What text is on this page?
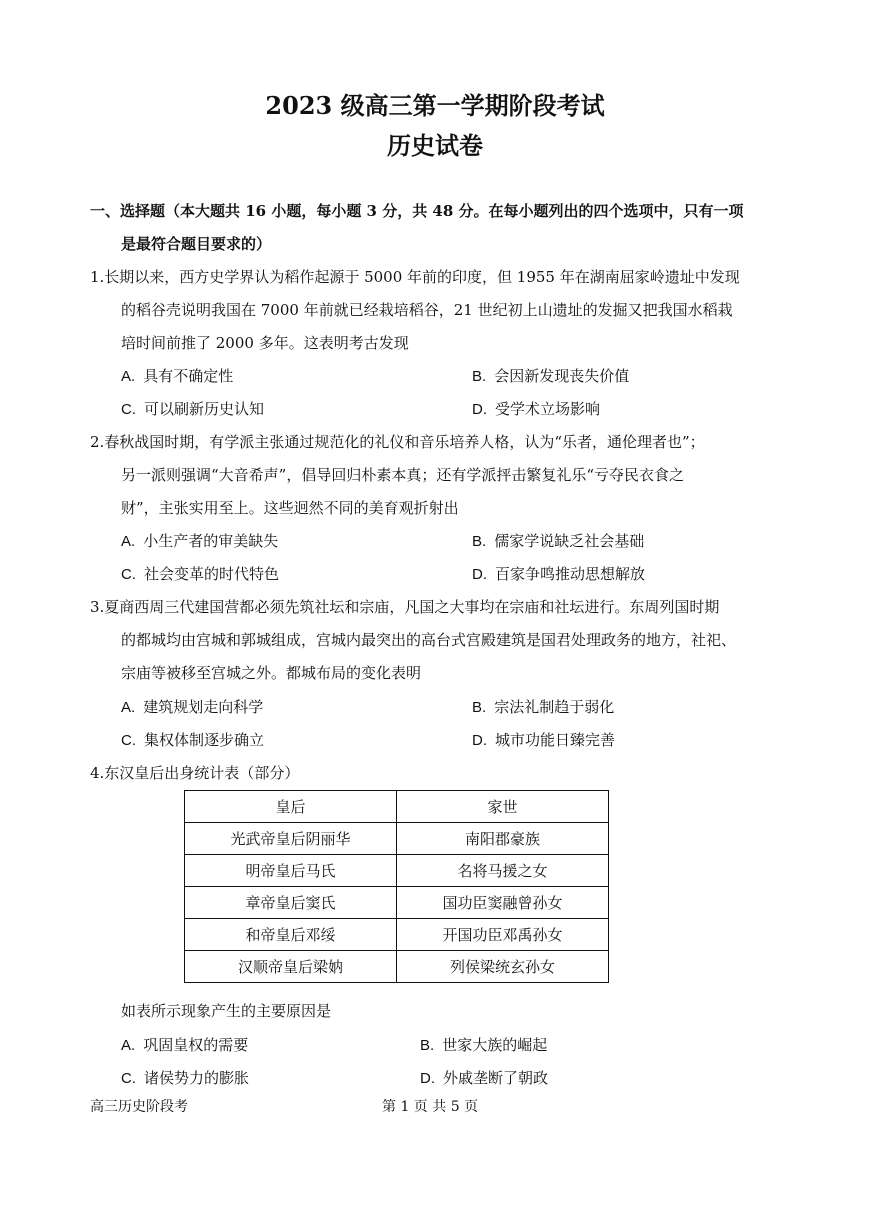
2023 级高三第一学期阶段考试
历史试卷
一、选择题（本大题共 16 小题，每小题 3 分，共 48 分。在每小题列出的四个选项中，只有一项
是最符合题目要求的）
1.长期以来，西方史学界认为稻作起源于 5000 年前的印度，但 1955 年在湖南屈家岭遗址中发现
的稻谷壳说明我国在 7000 年前就已经栽培稻谷，21 世纪初上山遗址的发掘又把我国水稻栽
培时间前推了 2000 多年。这表明考古发现
A. 具有不确定性	B. 会因新发现丧失价值
C. 可以刷新历史认知	D. 受学术立场影响
2.春秋战国时期，有学派主张通过规范化的礼仪和音乐培养人格，认为“乐者，通伦理者也”；
另一派则强调“大音希声”，倡导回归朴素本真；还有学派抨击繁复礼乐“亏夺民衣食之
财”，主张实用至上。这些迥然不同的美育观折射出
A. 小生产者的审美缺失	B. 儒家学说缺乏社会基础
C. 社会变革的时代特色	D. 百家争鸣推动思想解放
3.夏商西周三代建国营都必须先筑社坛和宗庙，凡国之大事均在宗庙和社坛进行。东周列国时期
的都城均由宫城和郭城组成，宫城内最突出的高台式宫殿建筑是国君处理政务的地方，社祀、
宗庙等被移至宫城之外。都城布局的变化表明
A. 建筑规划走向科学	B. 宗法礼制趋于弱化
C. 集权体制逐步确立	D. 城市功能日臻完善
4.东汉皇后出身统计表（部分）
皇后	家世
光武帝皇后阴丽华	南阳郡豪族
明帝皇后马氏	名将马援之女
章帝皇后窦氏	国功臣窦融曾孙女
和帝皇后邓绥	开国功臣邓禹孙女
汉顺帝皇后梁妠	列侯梁统玄孙女
如表所示现象产生的主要原因是
A. 巩固皇权的需要	B. 世家大族的崛起
C. 诸侯势力的膨胀	D. 外戚垄断了朝政
高三历史阶段考	第 1 页 共 5 页
